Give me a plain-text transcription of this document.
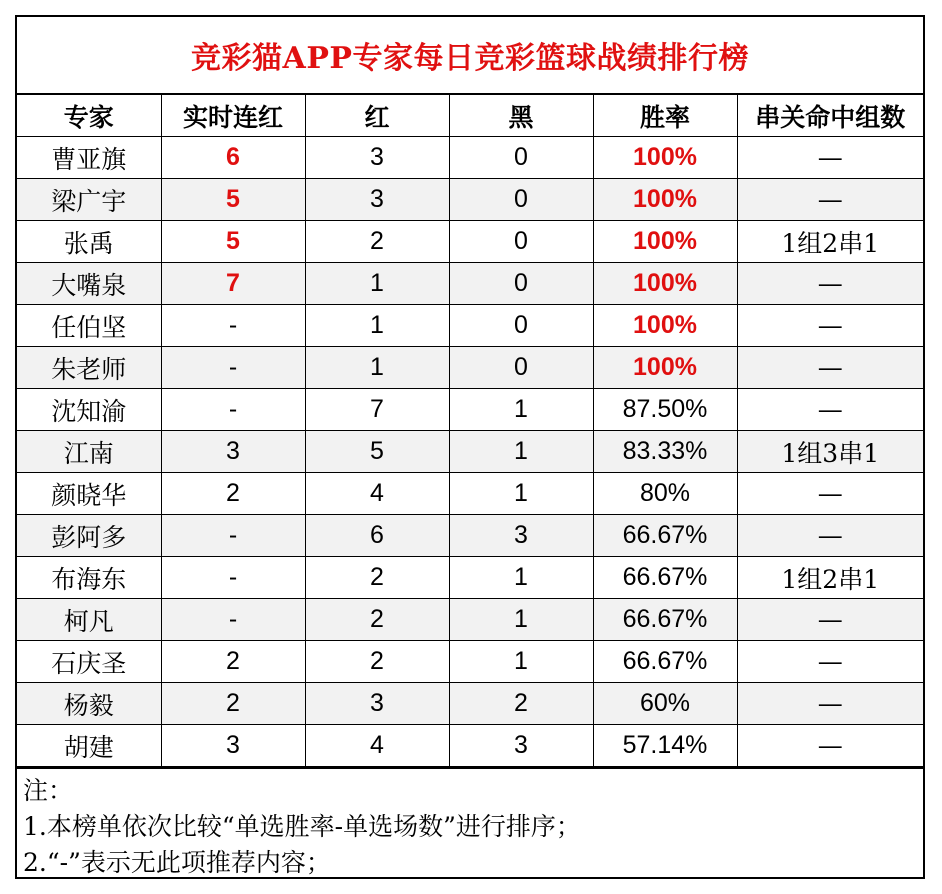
竞彩猫APP专家每日竞彩篮球战绩排行榜
专家	实时连红	红	黑	胜率	串关命中组数
曹亚旗	6	3	0	100%	—
梁广宇	5	3	0	100%	—
张禹	5	2	0	100%	1组2串1
大嘴泉	7	1	0	100%	—
任伯坚	-	1	0	100%	—
朱老师	-	1	0	100%	—
沈知渝	-	7	1	87.50%	—
江南	3	5	1	83.33%	1组3串1
颜晓华	2	4	1	80%	—
彭阿多	-	6	3	66.67%	—
布海东	-	2	1	66.67%	1组2串1
柯凡	-	2	1	66.67%	—
石庆圣	2	2	1	66.67%	—
杨毅	2	3	2	60%	—
胡建	3	4	3	57.14%	—
注：
1.本榜单依次比较“单选胜率-单选场数”进行排序；
2.“-”表示无此项推荐内容；
